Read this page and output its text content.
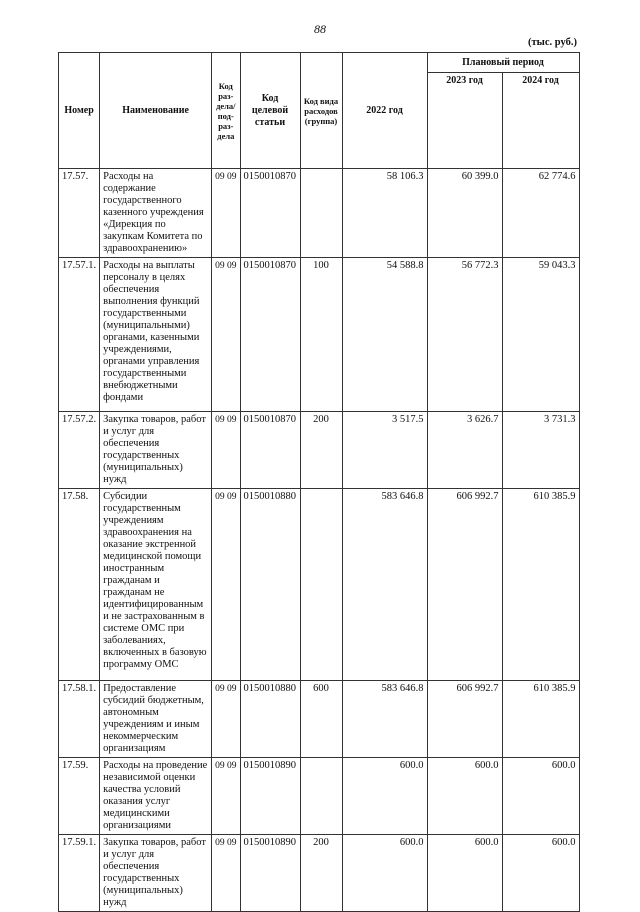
88
(тыс. руб.)
Номер	Наименование	Код раз-дела/под-раз-дела	Код целевой статьи	Код вида расходов (группа)	2022 год	Плановый период	
						2023 год	2024 год
17.57.	Расходы на содержание государственного казенного учреждения «Дирекция по закупкам Комитета по здравоохранению»	09 09	0150010870		58 106.3	60 399.0	62 774.6
17.57.1.	Расходы на выплаты персоналу в целях обеспечения выполнения функций государственными (муниципальными) органами, казенными учреждениями, органами управления государственными внебюджетными фондами	09 09	0150010870	100	54 588.8	56 772.3	59 043.3
17.57.2.	Закупка товаров, работ и услуг для обеспечения государственных (муниципальных) нужд	09 09	0150010870	200	3 517.5	3 626.7	3 731.3
17.58.	Субсидии государственным учреждениям здравоохранения на оказание экстренной медицинской помощи иностранным гражданам и гражданам не идентифицированным и не застрахованным в системе ОМС при заболеваниях, включенных в базовую программу ОМС	09 09	0150010880		583 646.8	606 992.7	610 385.9
17.58.1.	Предоставление субсидий бюджетным, автономным учреждениям и иным некоммерческим организациям	09 09	0150010880	600	583 646.8	606 992.7	610 385.9
17.59.	Расходы на проведение независимой оценки качества условий оказания услуг медицинскими организациями	09 09	0150010890		600.0	600.0	600.0
17.59.1.	Закупка товаров, работ и услуг для обеспечения государственных (муниципальных) нужд	09 09	0150010890	200	600.0	600.0	600.0
